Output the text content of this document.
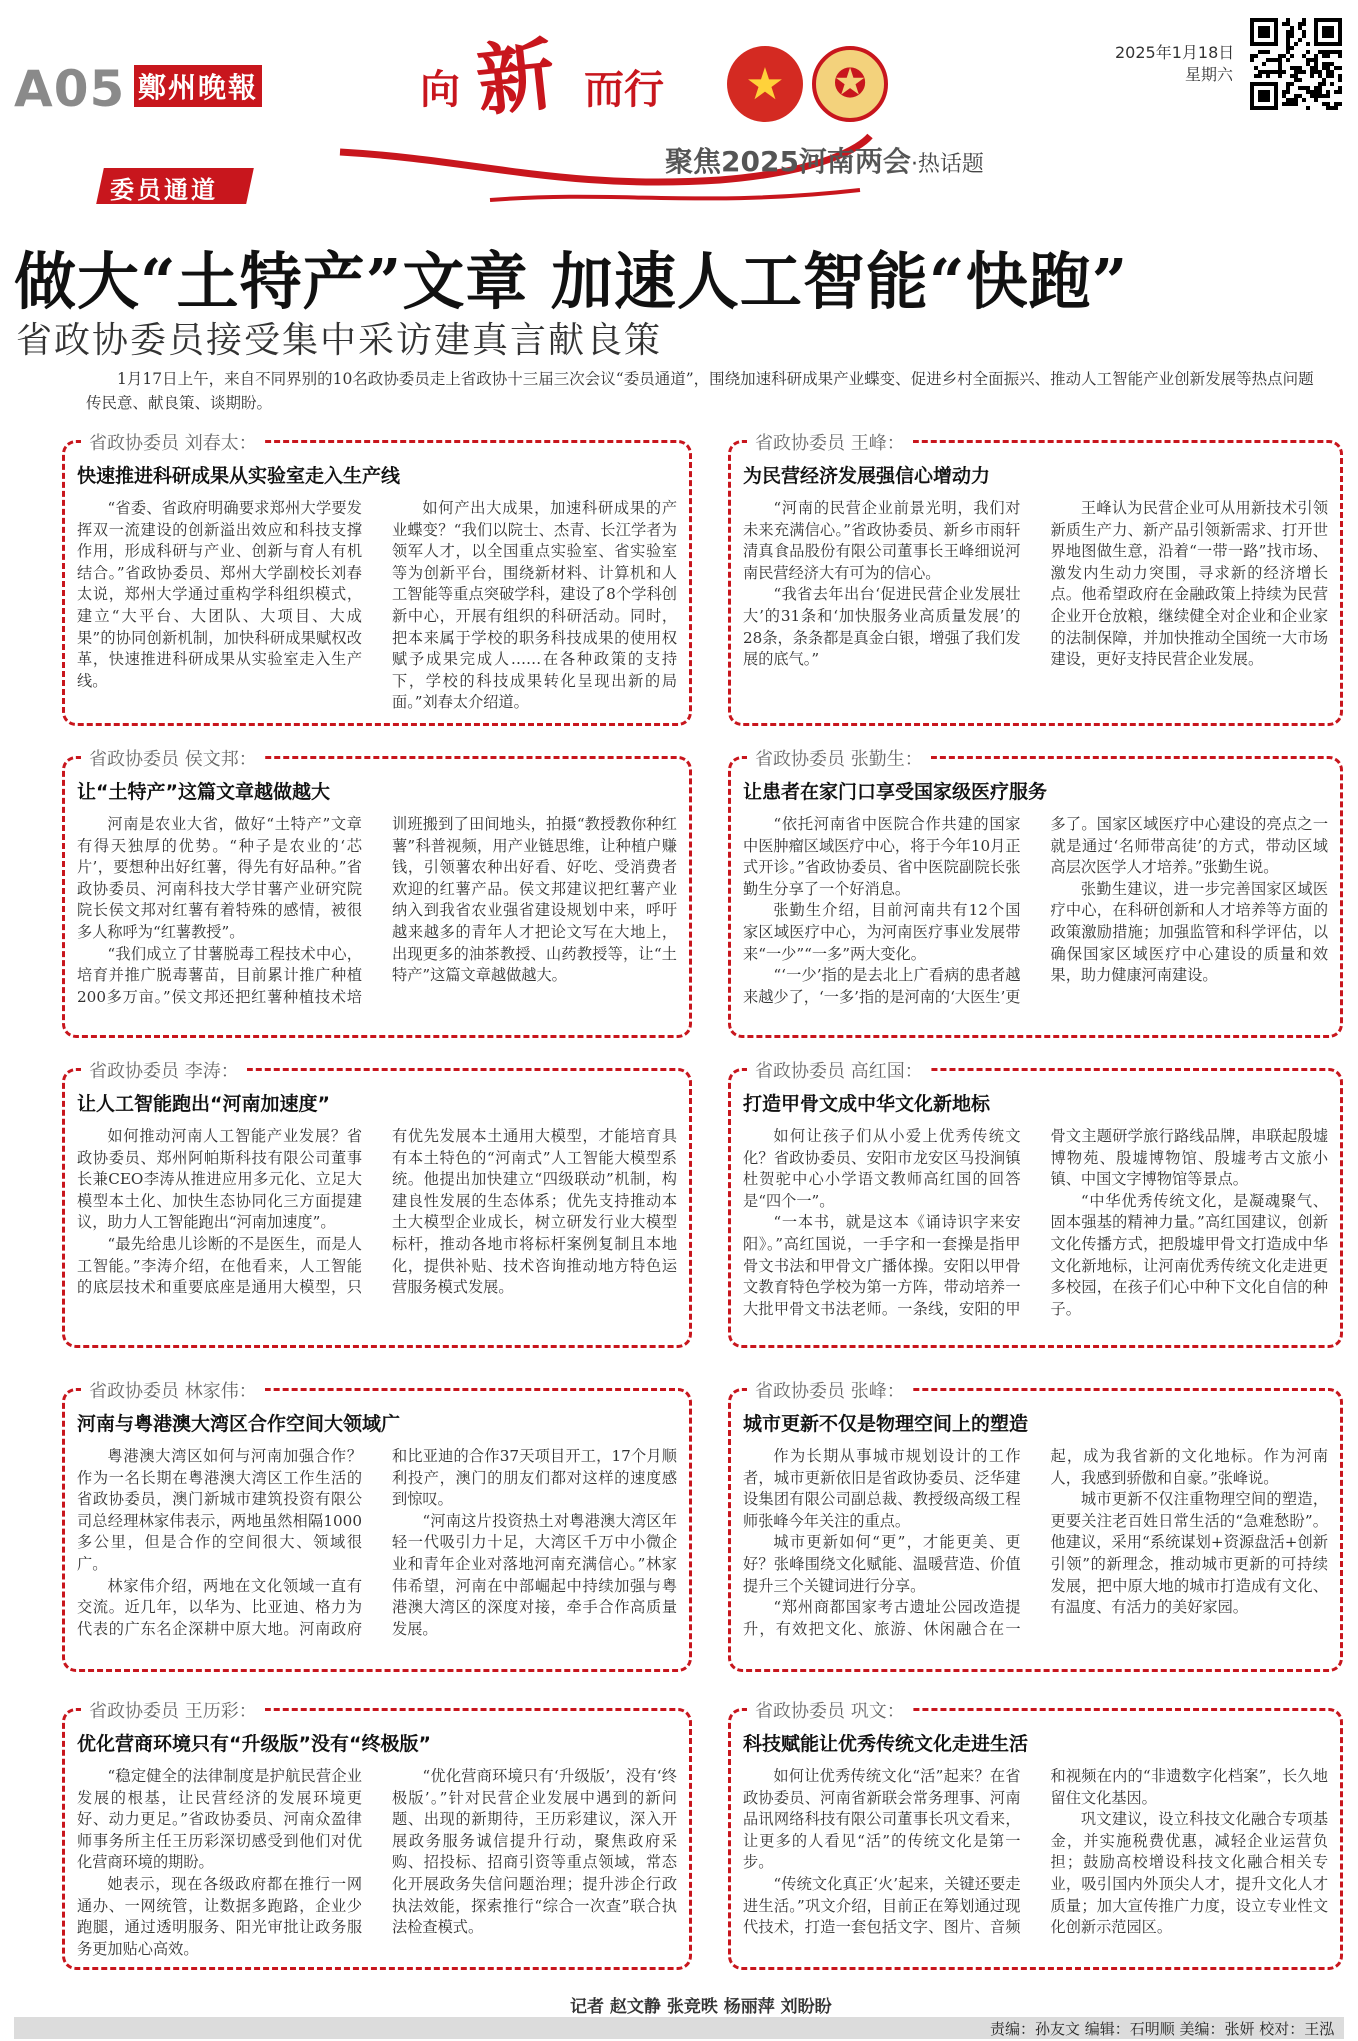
A05 鄭州晚報	向 新 而行	★	✪
聚焦2025河南两会·热话题
2025年1月18日
星期六
委员通道
做大“土特产”文章 加速人工智能“快跑”
省政协委员接受集中采访建真言献良策
1月17日上午，来自不同界别的10名政协委员走上省政协十三届三次会议“委员通道”，围绕加速科研成果产业蝶变、促进乡村全面振兴、推动人工智能产业创新发展等热点问题传民意、献良策、谈期盼。
省政协委员 刘春太：
快速推进科研成果从实验室走入生产线

“省委、省政府明确要求郑州大学要发挥双一流建设的创新溢出效应和科技支撑作用，形成科研与产业、创新与育人有机结合。”省政协委员、郑州大学副校长刘春太说，郑州大学通过重构学科组织模式，建立“大平台、大团队、大项目、大成果”的协同创新机制，加快科研成果赋权改革，快速推进科研成果从实验室走入生产线。

如何产出大成果，加速科研成果的产业蝶变？“我们以院士、杰青、长江学者为领军人才，以全国重点实验室、省实验室等为创新平台，围绕新材料、计算机和人工智能等重点突破学科，建设了8个学科创新中心，开展有组织的科研活动。同时，把本来属于学校的职务科技成果的使用权赋予成果完成人……在各种政策的支持下，学校的科技成果转化呈现出新的局面。”刘春太介绍道。

省政协委员 王峰：
为民营经济发展强信心增动力

“河南的民营企业前景光明，我们对未来充满信心。”省政协委员、新乡市雨轩清真食品股份有限公司董事长王峰细说河南民营经济大有可为的信心。

“我省去年出台‘促进民营企业发展壮大’的31条和‘加快服务业高质量发展’的28条，条条都是真金白银，增强了我们发展的底气。”

王峰认为民营企业可从用新技术引领新质生产力、新产品引领新需求、打开世界地图做生意，沿着“一带一路”找市场、激发内生动力突围，寻求新的经济增长点。他希望政府在金融政策上持续为民营企业开仓放粮，继续健全对企业和企业家的法制保障，并加快推动全国统一大市场建设，更好支持民营企业发展。

省政协委员 侯文邦：
让“土特产”这篇文章越做越大

河南是农业大省，做好“土特产”文章有得天独厚的优势。“种子是农业的‘芯片’，要想种出好红薯，得先有好品种。”省政协委员、河南科技大学甘薯产业研究院院长侯文邦对红薯有着特殊的感情，被很多人称呼为“红薯教授”。

“我们成立了甘薯脱毒工程技术中心，培育并推广脱毒薯苗，目前累计推广种植200多万亩。”侯文邦还把红薯种植技术培训班搬到了田间地头，拍摄“教授教你种红薯”科普视频，用产业链思维，让种植户赚钱，引领薯农种出好看、好吃、受消费者欢迎的红薯产品。侯文邦建议把红薯产业纳入到我省农业强省建设规划中来，呼吁越来越多的青年人才把论文写在大地上，出现更多的油茶教授、山药教授等，让“土特产”这篇文章越做越大。

省政协委员 张勤生：
让患者在家门口享受国家级医疗服务

“依托河南省中医院合作共建的国家中医肿瘤区域医疗中心，将于今年10月正式开诊。”省政协委员、省中医院副院长张勤生分享了一个好消息。

张勤生介绍，目前河南共有12个国家区域医疗中心，为河南医疗事业发展带来“一少”“一多”两大变化。

“‘一少’指的是去北上广看病的患者越来越少了，‘一多’指的是河南的‘大医生’更多了。国家区域医疗中心建设的亮点之一就是通过‘名师带高徒’的方式，带动区域高层次医学人才培养。”张勤生说。

张勤生建议，进一步完善国家区域医疗中心，在科研创新和人才培养等方面的政策激励措施；加强监管和科学评估，以确保国家区域医疗中心建设的质量和效果，助力健康河南建设。

省政协委员 李涛：
让人工智能跑出“河南加速度”

如何推动河南人工智能产业发展？省政协委员、郑州阿帕斯科技有限公司董事长兼CEO李涛从推进应用多元化、立足大模型本土化、加快生态协同化三方面提建议，助力人工智能跑出“河南加速度”。

“最先给患儿诊断的不是医生，而是人工智能。”李涛介绍，在他看来，人工智能的底层技术和重要底座是通用大模型，只有优先发展本土通用大模型，才能培育具有本土特色的“河南式”人工智能大模型系统。他提出加快建立“四级联动”机制，构建良性发展的生态体系；优先支持推动本土大模型企业成长，树立研发行业大模型标杆，推动各地市将标杆案例复制且本地化，提供补贴、技术咨询推动地方特色运营服务模式发展。

省政协委员 高红国：
打造甲骨文成中华文化新地标

如何让孩子们从小爱上优秀传统文化？省政协委员、安阳市龙安区马投涧镇杜贺驼中心小学语文教师高红国的回答是“四个一”。

“一本书，就是这本《诵诗识字来安阳》。”高红国说，一手字和一套操是指甲骨文书法和甲骨文广播体操。安阳以甲骨文教育特色学校为第一方阵，带动培养一大批甲骨文书法老师。一条线，安阳的甲骨文主题研学旅行路线品牌，串联起殷墟博物苑、殷墟博物馆、殷墟考古文旅小镇、中国文字博物馆等景点。

“中华优秀传统文化，是凝魂聚气、固本强基的精神力量。”高红国建议，创新文化传播方式，把殷墟甲骨文打造成中华文化新地标，让河南优秀传统文化走进更多校园，在孩子们心中种下文化自信的种子。

省政协委员 林家伟：
河南与粤港澳大湾区合作空间大领域广

粤港澳大湾区如何与河南加强合作？作为一名长期在粤港澳大湾区工作生活的省政协委员，澳门新城市建筑投资有限公司总经理林家伟表示，两地虽然相隔1000多公里，但是合作的空间很大、领域很广。

林家伟介绍，两地在文化领域一直有交流。近几年，以华为、比亚迪、格力为代表的广东名企深耕中原大地。河南政府和比亚迪的合作37天项目开工，17个月顺利投产，澳门的朋友们都对这样的速度感到惊叹。

“河南这片投资热土对粤港澳大湾区年轻一代吸引力十足，大湾区千万中小微企业和青年企业对落地河南充满信心。”林家伟希望，河南在中部崛起中持续加强与粤港澳大湾区的深度对接，牵手合作高质量发展。

省政协委员 张峰：
城市更新不仅是物理空间上的塑造

作为长期从事城市规划设计的工作者，城市更新依旧是省政协委员、泛华建设集团有限公司副总裁、教授级高级工程师张峰今年关注的重点。

城市更新如何“更”，才能更美、更好？张峰围绕文化赋能、温暖营造、价值提升三个关键词进行分享。

“郑州商都国家考古遗址公园改造提升，有效把文化、旅游、休闲融合在一起，成为我省新的文化地标。作为河南人，我感到骄傲和自豪。”张峰说。

城市更新不仅注重物理空间的塑造，更要关注老百姓日常生活的“急难愁盼”。他建议，采用“系统谋划+资源盘活+创新引领”的新理念，推动城市更新的可持续发展，把中原大地的城市打造成有文化、有温度、有活力的美好家园。

省政协委员 王历彩：
优化营商环境只有“升级版”没有“终极版”

“稳定健全的法律制度是护航民营企业发展的根基，让民营经济的发展环境更好、动力更足。”省政协委员、河南众盈律师事务所主任王历彩深切感受到他们对优化营商环境的期盼。

她表示，现在各级政府都在推行一网通办、一网统管，让数据多跑路，企业少跑腿，通过透明服务、阳光审批让政务服务更加贴心高效。

“优化营商环境只有‘升级版’，没有‘终极版’。”针对民营企业发展中遇到的新问题、出现的新期待，王历彩建议，深入开展政务服务诚信提升行动，聚焦政府采购、招投标、招商引资等重点领域，常态化开展政务失信问题治理；提升涉企行政执法效能，探索推行“综合一次查”联合执法检查模式。

省政协委员 巩文：
科技赋能让优秀传统文化走进生活

如何让优秀传统文化“活”起来？在省政协委员、河南省新联会常务理事、河南品讯网络科技有限公司董事长巩文看来，让更多的人看见“活”的传统文化是第一步。

“传统文化真正‘火’起来，关键还要走进生活。”巩文介绍，目前正在筹划通过现代技术，打造一套包括文字、图片、音频和视频在内的“非遗数字化档案”，长久地留住文化基因。

巩文建议，设立科技文化融合专项基金，并实施税费优惠，减轻企业运营负担；鼓励高校增设科技文化融合相关专业，吸引国内外顶尖人才，提升文化人才质量；加大宣传推广力度，设立专业性文化创新示范园区。

记者 赵文静 张竞昳 杨丽萍 刘盼盼
责编：孙友文 编辑：石明顺 美编：张妍 校对：王泓
